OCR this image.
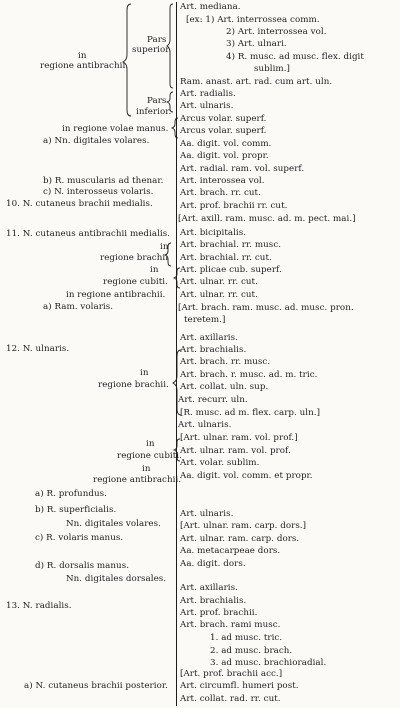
Art. mediana.
[ex: 1) Art. interrossea comm.
2) Art. interrossea vol.
3) Art. ulnari.
4) R. musc. ad musc. flex. digit
sublim.]
Ram. anast. art. rad. cum art. uln.
Art. radialis.
Art. ulnaris.
Arcus volar. superf.
Arcus volar. superf.
Aa. digit. vol. comm.
Aa. digit. vol. propr.
Art. radial. ram. vol. superf.
Art. interossea vol.
Art. brach. rr. cut.
Art. prof. brachii rr. cut.
[Art. axill. ram. musc. ad. m. pect. mai.]
Art. bicipitalis.
Art. brachial. rr. musc.
Art. brachial. rr. cut.
Art. plicae cub. superf.
Art. ulnar. rr. cut.
Art. ulnar. rr. cut.
[Art. brach. ram. musc. ad. musc. pron.
teretem.]
Art. axillaris.
Art. brachialis.
Art. brach. rr. musc.
Art. brach. r. musc. ad. m. tric.
Art. collat. uln. sup.
Art. recurr. uln.
[R. musc. ad m. flex. carp. uln.]
Art. ulnaris.
[Art. ulnar. ram. vol. prof.]
Art. ulnar. ram. vol. prof.
Art. volar. sublim.
Aa. digit. vol. comm. et propr.
Art. ulnaris.
[Art. ulnar. ram. carp. dors.]
Art. ulnar. ram. carp. dors.
Aa. metacarpeae dors.
Aa. digit. dors.
Art. axillaris.
Art. brachialis.
Art. prof. brachii.
Art. brach. rami musc.
1. ad musc. tric.
2. ad musc. brach.
3. ad musc. brachioradial.
[Art. prof. brachii acc.]
Art. circumfl. humeri post.
Art. collat. rad. rr. cut.
in
regione antibrachii.
Pars
superior.
Pars
inferior.
in regione volae manus.
a) Nn. digitales volares.
b) R. muscularis ad thenar.
c) N. interosseus volaris.
10. N. cutaneus brachii medialis.
11. N. cutaneus antibrachii medialis.
in
regione brachii
in
regione cubiti.
in regione antibrachii.
a) Ram. volaris.
12. N. ulnaris.
in
regione brachii.
in
regione cubiti.
in
regione antibrachii.
a) R. profundus.
b) R. superficialis.
Nn. digitales volares.
c) R. volaris manus.
d) R. dorsalis manus.
Nn. digitales dorsales.
13. N. radialis.
a) N. cutaneus brachii posterior.
